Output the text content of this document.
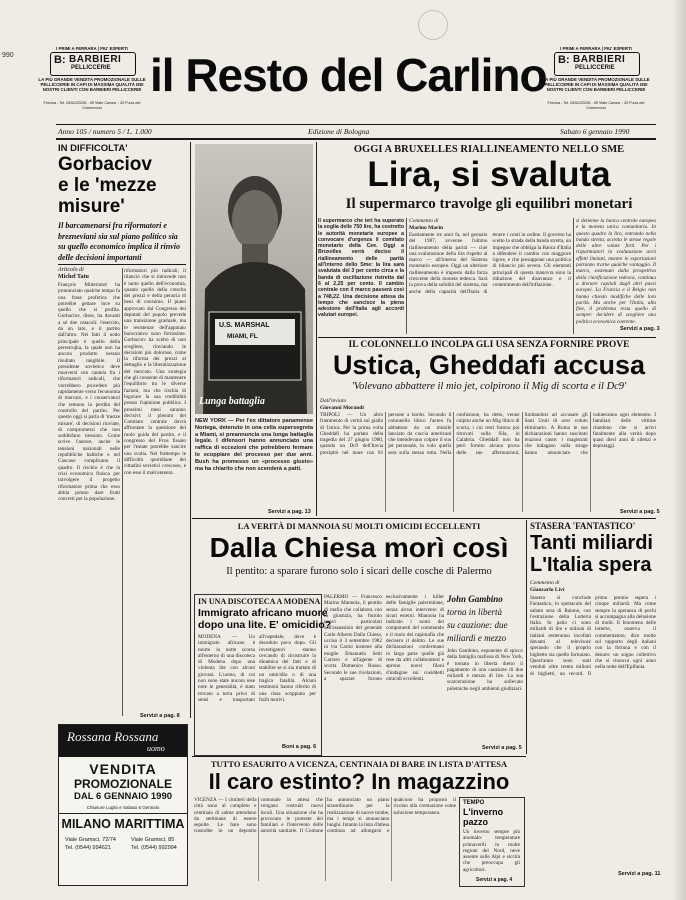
990
I PRIMI A FERRARA | PIU' ESPERTI
B: BARBIERI
PELLICCERIE
LA PIÙ GRANDE VENDITA PROMOZIONALE SULLE PELLICCERIE IN CAPI DI MASSIMA QUALITÀ DEI NOSTRI CLIENTI CON BARBIERI PELLICCERIE
Ferrara - Tel. 0532/22226 - 05 Viale Cavour - 20 P.zza del Commercio
il Resto del Carlino
I PRIMI A FERRARA | PIU' ESPERTI
B: BARBIERI
PELLICCERIE
LA PIÙ GRANDE VENDITA PROMOZIONALE SULLE PELLICCERIE IN CAPI DI MASSIMA QUALITÀ DEI NOSTRI CLIENTI CON BARBIERI PELLICCERIE
Ferrara - Tel. 0532/22226 - 05 Viale Cavour - 20 P.zza del Commercio
Anno 105 / numero 5 / L. 1.000	Edizione di Bologna	Sabato 6 gennaio 1990
IN DIFFICOLTA'
Gorbaciov
e le 'mezze
misure'
Il barcamenarsi fra riformatori e brezneviani sia sul piano politico sia su quello economico implica il rinvio delle decisioni importanti
Articolo di
Michel Tatu
François Mitterrand ha pronunciato qualche tempo fa una frase profetica che potrebbe gettare luce su quello che si profila. Gorbaciov, disse, ha davanti a sé due ostacoli: l'esercito, da un lato, e il partito dall'altro. Nei fatti il nodo principale è quello della perestrojka, la quale non ha ancora prodotto nessun risultato tangibile. Il presidente sovietico deve muoversi con cautela fra i riformatori radicali, che vorrebbero procedere più rapidamente verso l'economia di mercato, e i conservatori che temono la perdita del controllo del partito. Per questo oggi si parla di 'mezze misure', di decisioni rinviate, di compromessi che non soddisfano nessuno. Come scrive l'autore, anche le tensioni nazionali nelle repubbliche baltiche e nel Caucaso complicano il quadro. Il rischio è che la crisi economica finisca per travolgere il progetto riformatore prima che esso abbia potuto dare frutti concreti per la popolazione.
riformatori più radicali, il rilancio che si intravede non è tanto quello dell'economia, quanto quello della crescita dei prezzi e della penuria di beni di consumo. Il piano approvato dal Congresso dei deputati del popolo prevede una transizione graduale, ma le resistenze dell'apparato burocratico sono fortissime. Gorbaciov ha scelto di non scegliere, rinviando le decisioni più dolorose, come la riforma dei prezzi al dettaglio e la liberalizzazione del mercato. Una strategia che gli consente di mantenere l'equilibrio tra le diverse fazioni, ma che rischia di logorare la sua credibilità presso l'opinione pubblica. I prossimi mesi saranno decisivi: il plenum del Comitato centrale dovrà affrontare la questione del ruolo guida del partito, e il congresso del Pcus fissato per l'estate potrebbe sancire una svolta. Nel frattempo le difficoltà quotidiane dei cittadini sovietici crescono, e con esse il malcontento.
Servizi a pag. 8
U.S. MARSHAL
MIAMI, FL
Lunga battaglia
NEW YORK — Per l'ex dittatore panamense Noriega, detenuto in una cella supersegreta a Miami, si preannuncia una lunga battaglia legale. I difensori hanno annunciato una raffica di eccezioni che potrebbero fermare lo scoppiare del processo per due anni. Bush ha promesso un «processo giusto» ma ha chiarito che non scenderà a patti.
Servizi a pag. 13
OGGI A BRUXELLES RIALLINEAMENTO NELLO SME
Lira, si svaluta
Il supermarco travolge gli equilibri monetari
Il supermarco che ieri ha superato la soglia delle 750 lire, ha costretto le autorità monetarie europee a convocare d'urgenza il comitato monetario della Cee. Oggi a Bruxelles verrà deciso il riallineamento delle parità all'interno dello Sme: la lira sarà svalutata del 3 per cento circa e la banda di oscillazione ristretta dal 6 al 2,25 per cento. Il cambio centrale con il marco passerà così a 748,22. Una decisione attesa da tempo che sancisce la piena adesione dell'Italia agli accordi valutari europei.
Commento di
Marino Marin
Esattamente tre anni fa, nel gennaio del 1987, avvenne l'ultimo riallineamento della parità — cioè una svalutazione della lira rispetto al marco — all'interno del Sistema monetario europeo. Oggi un ulteriore riallineamento è imposto dalla forza crescente della moneta tedesca. Sarà la prova della solidità del sistema, ma anche della capacità dell'Italia di tenere i conti in ordine. Il governo ha scelto la strada della banda stretta, un impegno che obbliga la Banca d'Italia a difendere il cambio con maggiore rigore, e che presuppone una politica di bilancio più severa. Gli elementi principali di questa manovra sono la riduzione del disavanzo e il contenimento dell'inflazione.
si detienne la banca centrale europea e la moneta unica comunitaria. In questo quadro la lira, entrando nella banda stretta, accetta le stesse regole delle altre valute forti. Per i risparmiatori la svalutazione avrà effetti limitati, mentre le esportazioni potranno trarne qualche vantaggio. Il marco, sostenuto dalla prospettiva della riunificazione tedesca, continua a drenare capitali dagli altri paesi europei. La Francia e il Belgio non hanno chiesto modifiche delle loro parità. Ma anche per l'Italia, alla fine, il problema resta quello di sempre: decidere di scegliere una politica economica coerente.
Servizi a pag. 3
IL COLONNELLO INCOLPA GLI USA SENZA FORNIRE PROVE
Ustica, Gheddafi accusa
'Volevano abbattere il mio jet, colpirono il Mig di scorta e il Dc9'
Dall'inviato
Giovanni Morandi
TRIPOLI — Un altro frammento di verità sul giallo di Ustica. Per la prima volta Gheddafi ha parlato della tragedia del 27 giugno 1980, quando un Dc9 dell'Itavia precipitò nel mare con 81 persone a bordo. Secondo il colonnello libico l'aereo fu abbattuto da un missile lanciato da caccia americani che intendevano colpire il suo jet personale, in volo quella sera sulla stessa rotta. Nella confusione, ha detto, venne colpito anche un Mig libico di scorta, i cui resti furono poi ritrovati sulla Sila, in Calabria. Gheddafi non ha però fornito alcuna prova delle sue affermazioni, limitandosi ad accusare gli Stati Uniti di aver voluto eliminarlo. A Roma le sue dichiarazioni hanno suscitato reazioni caute: i magistrati che indagano sulla strage hanno annunciato che valuteranno ogni elemento. I familiari delle vittime chiedono che si arrivi finalmente alla verità dopo quasi dieci anni di silenzi e depistaggi.
Servizi a pag. 5
LA VERITÀ DI MANNOIA SU MOLTI OMICIDI ECCELLENTI
Dalla Chiesa morì così
Il pentito: a sparare furono solo i sicari delle cosche di Palermo
IN UNA DISCOTECA A MODENA
Immigrato africano muore
dopo una lite. E' omicidio?
MODENA — Un immigrato africano è morto la notte scorsa all'esterno di una discoteca di Modena dopo una violenta lite con alcuni giovani. L'uomo, di cui non sono state ancora rese note le generalità, è stato trovato a terra privo di sensi e trasportato all'ospedale, dove è deceduto poco dopo. Gli investigatori stanno cercando di ricostruire la dinamica dei fatti e di stabilire se si sia trattato di un omicidio o di una tragica fatalità. Alcuni testimoni hanno riferito di una rissa scoppiata per futili motivi.
Boni a pag. 6
PALERMO — Francesco Marino Mannoia, il pentito di mafia che collabora con la giustizia, ha fornito nuovi particolari sull'assassinio del generale Carlo Alberto Dalla Chiesa, ucciso il 3 settembre 1982 in via Carini insieme alla moglie Emanuela Setti Carraro e all'agente di scorta Domenico Russo. Secondo le sue rivelazioni, a sparare furono esclusivamente i killer delle famiglie palermitane, senza alcun intervento di sicari esterni. Mannoia ha indicato i nomi dei componenti del commando e il ruolo dei capimafia che decisero il delitto. Le sue dichiarazioni confermano in larga parte quelle già rese da altri collaboratori e aprono nuovi filoni d'indagine sui cosiddetti omicidi eccellenti.
John Gambino
torna in libertà
su cauzione: due
miliardi e mezzo
John Gambino, esponente di spicco della famiglia mafiosa di New York, è tornato in libertà dietro il pagamento di una cauzione di due miliardi e mezzo di lire. La sua scarcerazione ha sollevato polemiche negli ambienti giudiziari.
Servizi a pag. 5
TUTTO ESAURITO A VICENZA, CENTINAIA DI BARE IN LISTA D'ATTESA
Il caro estinto? In magazzino
VICENZA — I cimiteri della città sono al completo e centinaia di salme attendono da settimane di essere sepolte. Le bare sono custodite in un deposito comunale in attesa che vengano costruiti nuovi loculi. Una situazione che ha provocato le proteste dei familiari e l'intervento delle autorità sanitarie. Il Comune ha annunciato un piano straordinario per la realizzazione di nuove tombe, ma i tempi si annunciano lunghi. Intanto la lista d'attesa continua ad allungarsi e qualcuno ha proposto il ricorso alla cremazione come soluzione temporanea.
TEMPO
L'inverno
pazzo
Un inverno sempre più anomalo: temperature primaverili in molte regioni del Nord, neve assente sulle Alpi e siccità che preoccupa gli agricoltori.
Servizi a pag. 4
STASERA 'FANTASTICO'
Tanti miliardi
L'Italia spera
Commento di
Giancarlo Livi
Stasera si conclude Fantastico, lo spettacolo del sabato sera di Raiuno, con l'estrazione della Lotteria Italia. In palio ci sono miliardi di lire e milioni di italiani resteranno incollati davanti al televisore sperando che il proprio biglietto sia quello fortunato. Quest'anno sono stati venduti oltre trenta milioni di biglietti, un record. Il primo premio supera i cinque miliardi. Ma come sempre la speranza di pochi si accompagna alla delusione di molti. Il fenomeno delle lotterie, osserva il commentatore, dice molto sul rapporto degli italiani con la fortuna e con il denaro: un sogno collettivo che si rinnova ogni anno nella notte dell'Epifania.
Servizi a pag. 11
Rossana Rossana
uomo
VENDITA
PROMOZIONALE
DAL 6 GENNAIO 1990
Chiusure Luglio e Sabato 6 Gennaio
MILANO MARITTIMA
Viale Gramsci, 72/74	Viale Gramsci, 85
Tel. (0544) 994621	Tel. (0544) 992994
